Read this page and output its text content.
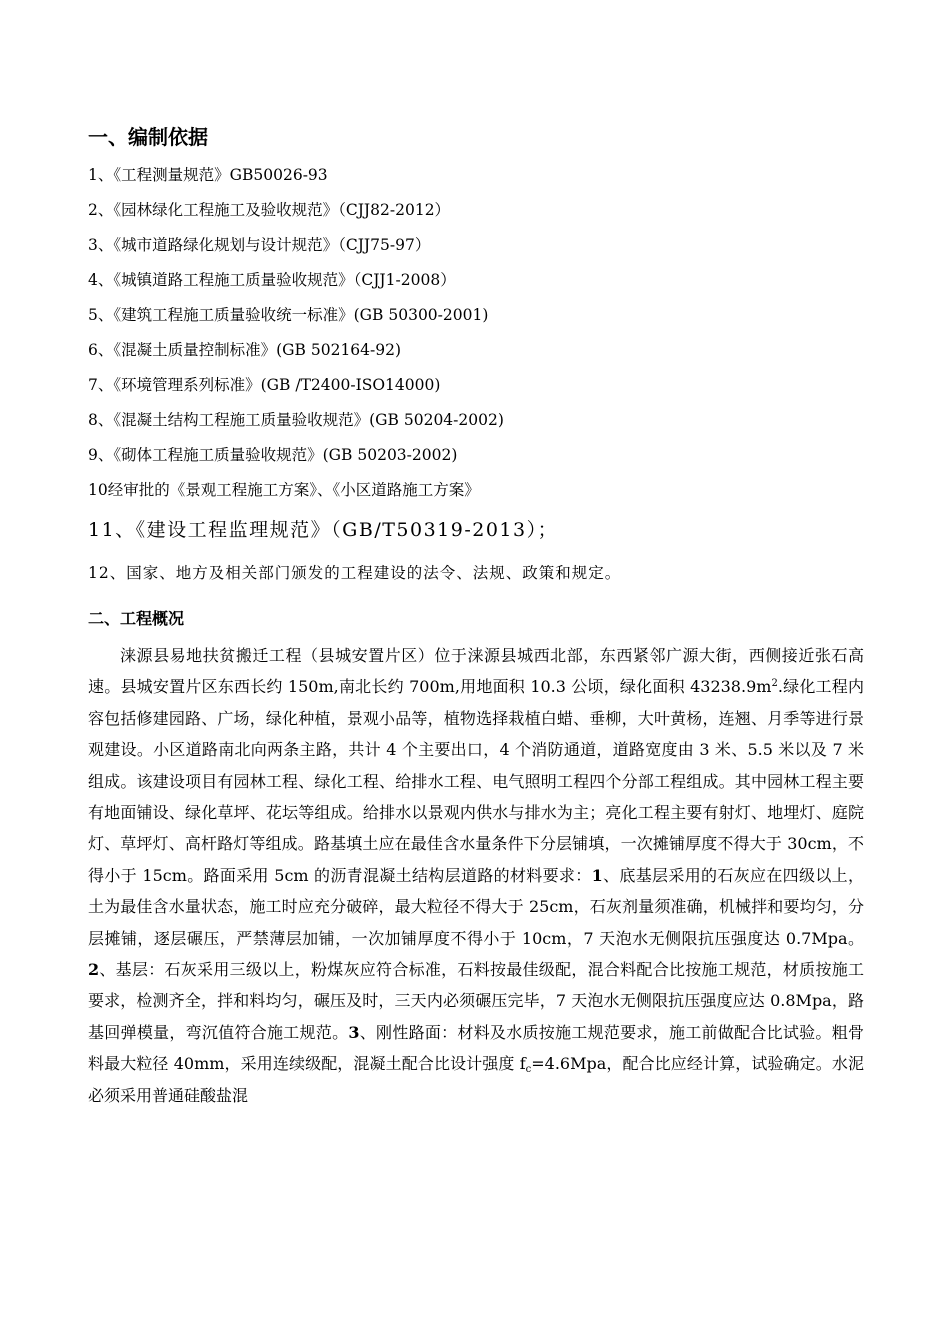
一、编制依据
1、《工程测量规范》GB50026-93
2、《园林绿化工程施工及验收规范》（CJJ82-2012）
3、《城市道路绿化规划与设计规范》（CJJ75-97）
4、《城镇道路工程施工质量验收规范》（CJJ1-2008）
5、《建筑工程施工质量验收统一标准》(GB 50300-2001)
6、《混凝土质量控制标准》(GB 502164-92)
7、《环境管理系列标准》(GB /T2400-ISO14000)
8、《混凝土结构工程施工质量验收规范》(GB 50204-2002)
9、《砌体工程施工质量验收规范》(GB 50203-2002)
10经审批的《景观工程施工方案》、《小区道路施工方案》
11、《建设工程监理规范》（GB/T50319-2013）；
12、国家、地方及相关部门颁发的工程建设的法令、法规、政策和规定。
二、工程概况

涞源县易地扶贫搬迁工程（县城安置片区）位于涞源县城西北部，东西紧邻广源大街，西侧接近张石高速。县城安置片区东西长约 150m,南北长约 700m,用地面积 10.3 公顷，绿化面积 $43238.9m^2$.绿化工程内容包括修建园路、广场，绿化种植，景观小品等，植物选择栽植白蜡、垂柳，大叶黄杨，连翘、月季等进行景观建设。小区道路南北向两条主路，共计 4 个主要出口，4 个消防通道，道路宽度由 3 米、5.5 米以及 7 米组成。该建设项目有园林工程、绿化工程、给排水工程、电气照明工程四个分部工程组成。其中园林工程主要有地面铺设、绿化草坪、花坛等组成。给排水以景观内供水与排水为主；亮化工程主要有射灯、地埋灯、庭院灯、草坪灯、高杆路灯等组成。路基填土应在最佳含水量条件下分层铺填，一次摊铺厚度不得大于 30cm，不得小于 15cm。路面采用 5cm 的沥青混凝土结构层道路的材料要求：1、底基层采用的石灰应在四级以上，土为最佳含水量状态，施工时应充分破碎，最大粒径不得大于 25cm，石灰剂量须准确，机械拌和要均匀，分层摊铺，逐层碾压，严禁薄层加铺，一次加铺厚度不得小于 10cm，7 天泡水无侧限抗压强度达 0.7Mpa。2、基层：石灰采用三级以上，粉煤灰应符合标准，石料按最佳级配，混合料配合比按施工规范，材质按施工要求，检测齐全，拌和料均匀，碾压及时，三天内必须碾压完毕，7 天泡水无侧限抗压强度应达 0.8Mpa，路基回弹模量，弯沉值符合施工规范。3、刚性路面：材料及水质按施工规范要求，施工前做配合比试验。粗骨料最大粒径 40mm，采用连续级配，混凝土配合比设计强度 $f_c=4.6Mpa$，配合比应经计算，试验确定。水泥必须采用普通硅酸盐混
